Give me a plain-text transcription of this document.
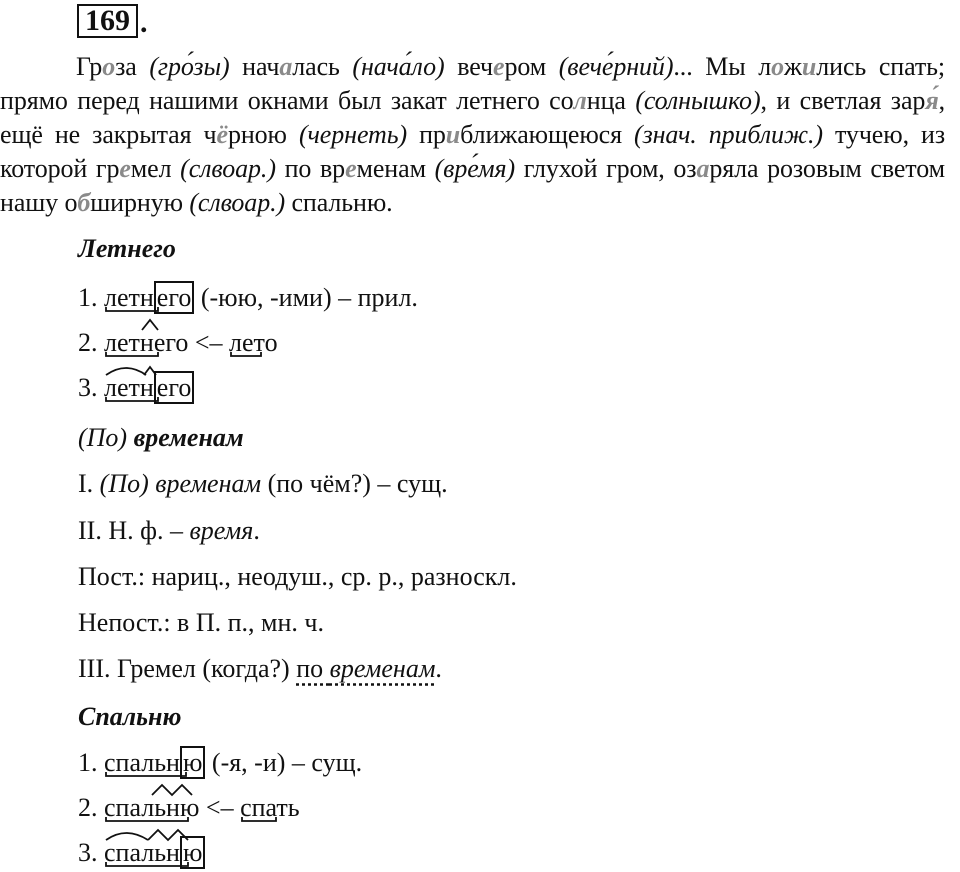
169 .
Гроза (гро́зы) началась (нача́ло) вечером (вече́рний)... Мы ложились спать; прямо перед нашими окнами был закат летнего солнца (солнышко), и светлая заря́, ещё не закрытая чёрною (чернеть) приближающеюся (знач. приближ.) тучею, из которой гремел (слвоар.) по временам (вре́мя) глухой гром, озаряла розовым светом нашу обширную (слвоар.) спальню.
Летнего
1. летн его (-юю, -ими) – прил.
2. летнего <–
лето
3. летн его
(По) временам
I. (По) временам (по чём?) – сущ.
II. Н. ф. – время.
Пост.: нариц., неодуш., ср. р., разноскл.
Непост.: в П. п., мн. ч.
III. Гремел (когда?) по временам.
Спальню
1. спальн ю (-я, -и) – сущ.
2. спальню <–
спать
3. спальн ю
